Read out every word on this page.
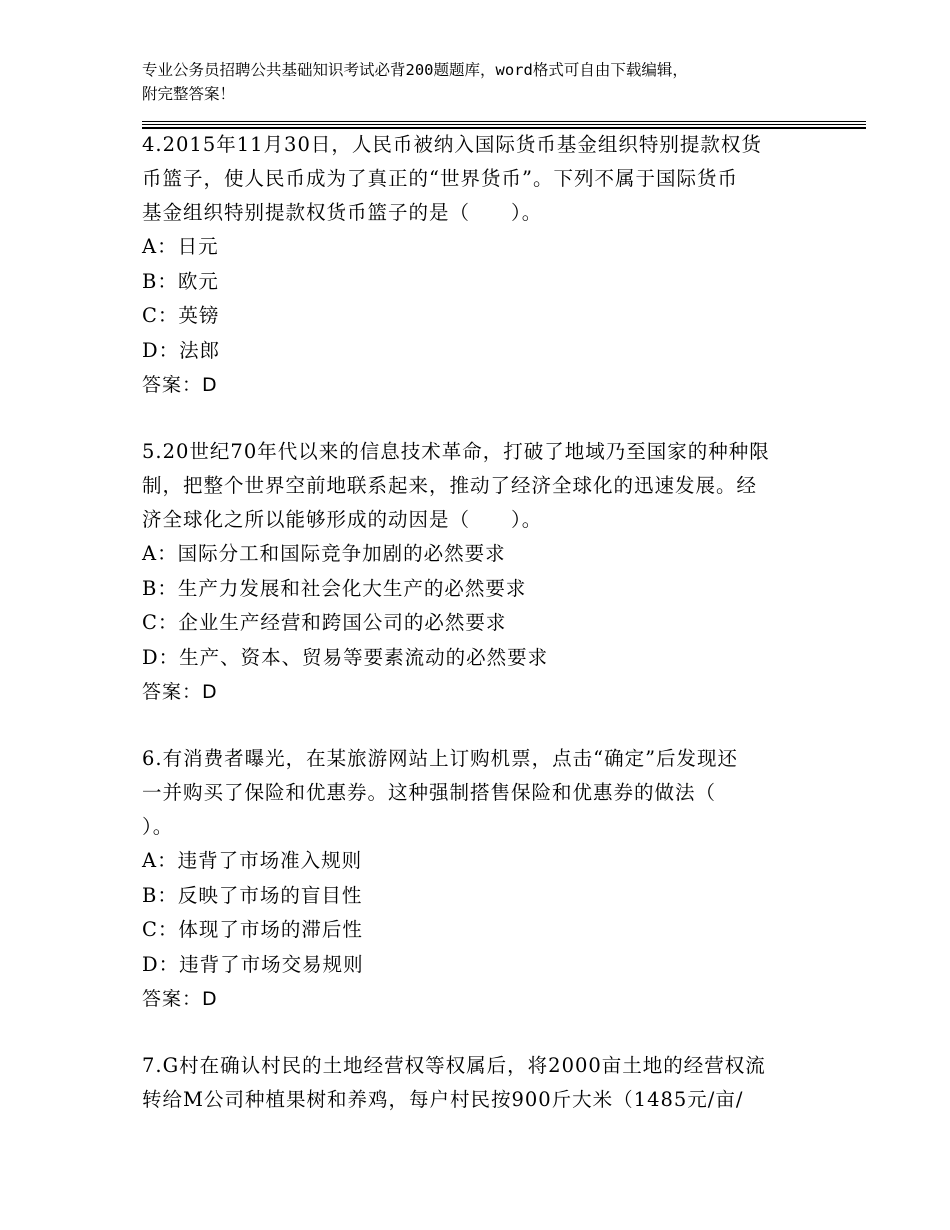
专业公务员招聘公共基础知识考试必背200题题库，word格式可自由下载编辑，
附完整答案！

4.2015年11月30日，人民币被纳入国际货币基金组织特别提款权货

币篮子，使人民币成为了真正的“世界货币”。下列不属于国际货币

基金组织特别提款权货币篮子的是（　　）。

A：日元

B：欧元

C：英镑

D：法郎

答案：D

5.20世纪70年代以来的信息技术革命，打破了地域乃至国家的种种限

制，把整个世界空前地联系起来，推动了经济全球化的迅速发展。经

济全球化之所以能够形成的动因是（　　）。

A：国际分工和国际竞争加剧的必然要求

B：生产力发展和社会化大生产的必然要求

C：企业生产经营和跨国公司的必然要求

D：生产、资本、贸易等要素流动的必然要求

答案：D

6.有消费者曝光，在某旅游网站上订购机票，点击“确定”后发现还

一并购买了保险和优惠券。这种强制搭售保险和优惠券的做法（

）。

A：违背了市场准入规则

B：反映了市场的盲目性

C：体现了市场的滞后性

D：违背了市场交易规则

答案：D

7.G村在确认村民的土地经营权等权属后，将2000亩土地的经营权流

转给M公司种植果树和养鸡，每户村民按900斤大米（1485元/亩/
